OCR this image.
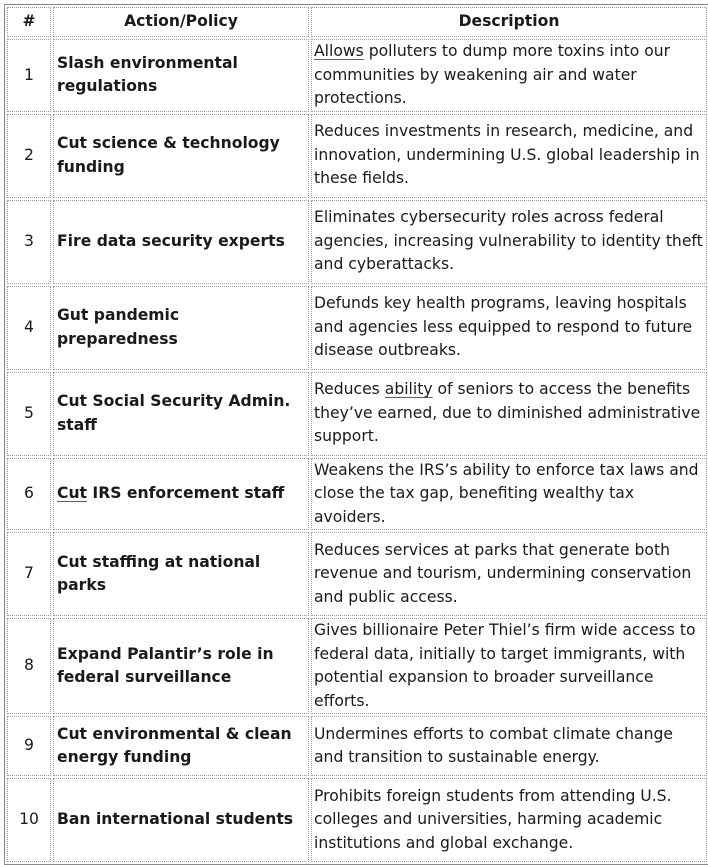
#	Action/Policy	Description
1	Slash environmental regulations	Allows polluters to dump more toxins into our communities by weakening air and water protections.
2	Cut science & technology funding	Reduces investments in research, medicine, and innovation, undermining U.S. global leadership in these fields.
3	Fire data security experts	Eliminates cybersecurity roles across federal agencies, increasing vulnerability to identity theft and cyberattacks.
4	Gut pandemic preparedness	Defunds key health programs, leaving hospitals and agencies less equipped to respond to future disease outbreaks.
5	Cut Social Security Admin. staff	Reduces ability of seniors to access the benefits they’ve earned, due to diminished administrative support.
6	Cut IRS enforcement staff	Weakens the IRS’s ability to enforce tax laws and close the tax gap, benefiting wealthy tax avoiders.
7	Cut staffing at national parks	Reduces services at parks that generate both revenue and tourism, undermining conservation and public access.
8	Expand Palantir’s role in federal surveillance	Gives billionaire Peter Thiel’s firm wide access to federal data, initially to target immigrants, with potential expansion to broader surveillance efforts.
9	Cut environmental & clean energy funding	Undermines efforts to combat climate change and transition to sustainable energy.
10	Ban international students	Prohibits foreign students from attending U.S. colleges and universities, harming academic institutions and global exchange.
